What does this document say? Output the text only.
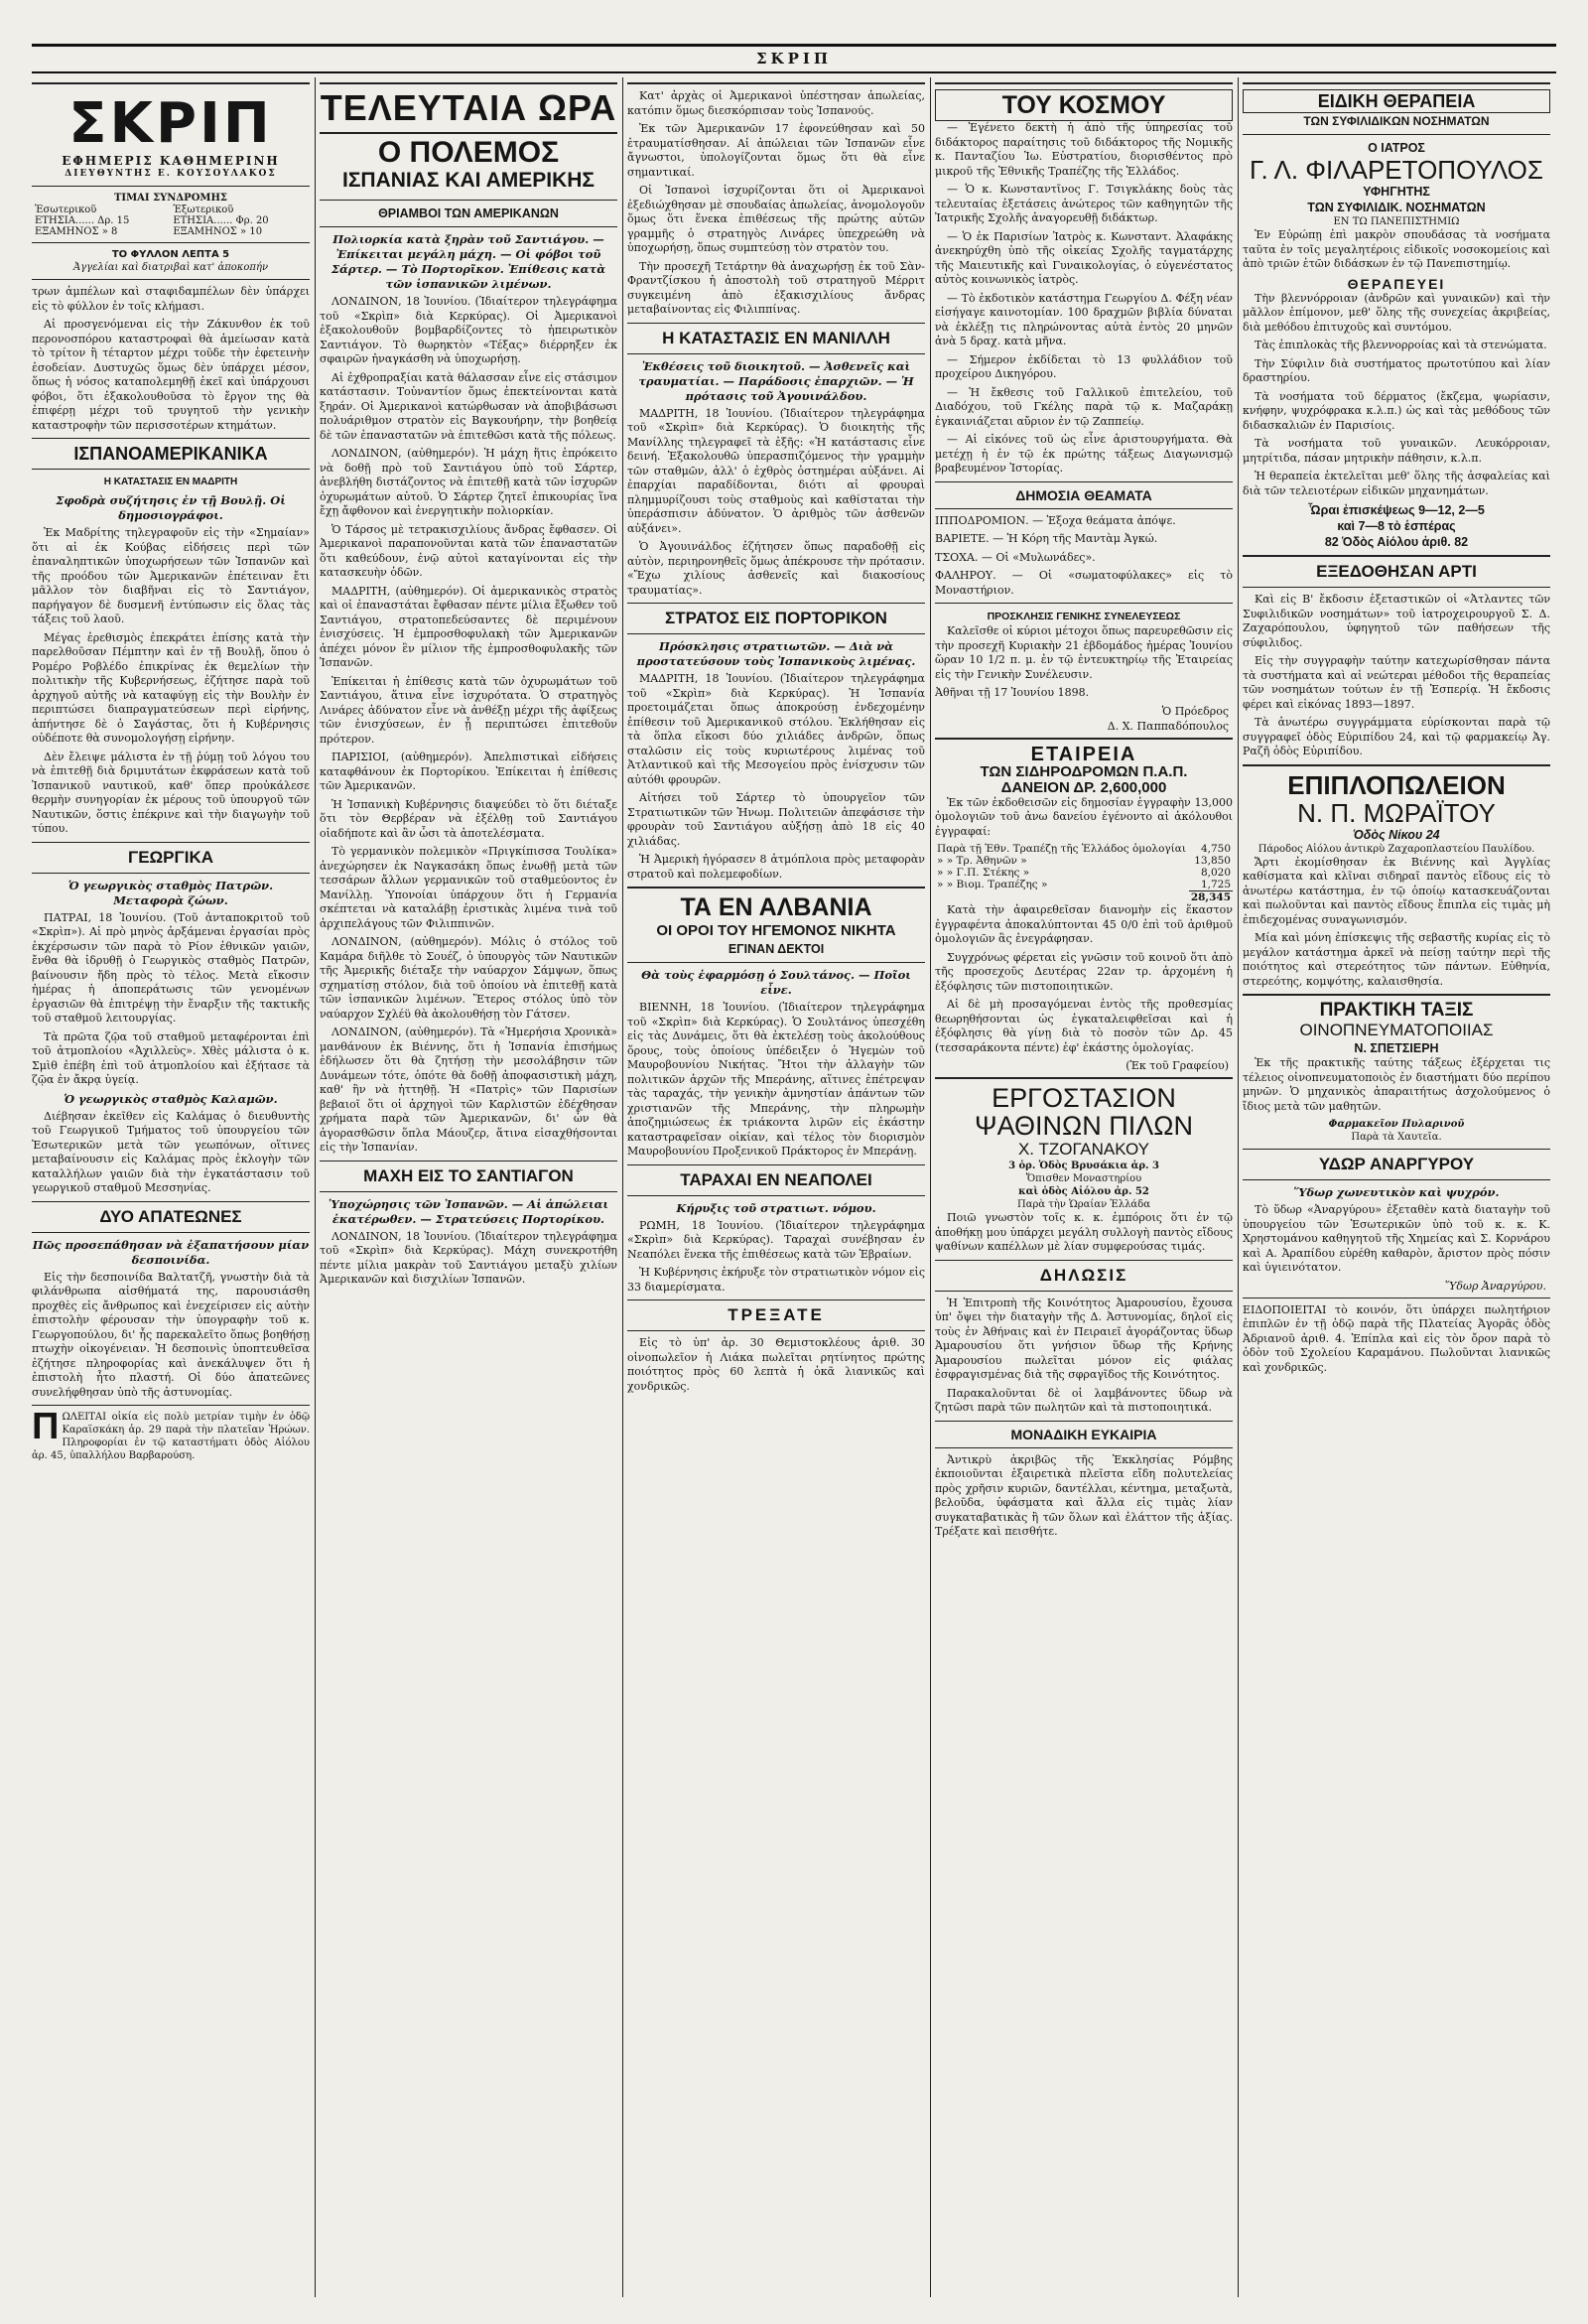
ΣΚΡΙΠ
ΣΚΡΙΠ
ΕΦΗΜΕΡΙΣ ΚΑΘΗΜΕΡΙΝΗ
ΔΙΕΥΘΥΝΤΗΣ Ε. ΚΟΥΣΟΥΛΑΚΟΣ
ΤΙΜΑΙ ΣΥΝΔΡΟΜΗΣ
Ἐσωτερικοῦ	Ἐξωτερικοῦ
ΕΤΗΣΙΑ...... Δρ. 15	ΕΤΗΣΙΑ...... Φρ. 20
ΕΞΑΜΗΝΟΣ » 8	ΕΞΑΜΗΝΟΣ » 10
ΤΟ ΦΥΛΛΟΝ ΛΕΠΤΑ 5
Ἀγγελίαι καὶ διατριβαὶ κατ' ἀποκοπήν

τρων ἀμπέλων καὶ σταφιδαμπέλων δὲν ὑπάρχει εἰς τὸ φύλλον ἐν τοῖς κλήμασι.

Αἱ προσγενόμεναι εἰς τὴν Ζάκυνθον ἐκ τοῦ περονοσπόρου καταστροφαὶ θὰ ἀμείωσαν κατὰ τὸ τρίτον ἢ τέταρτον μέχρι τοῦδε τὴν ἐφετεινὴν ἐσοδείαν. Δυστυχῶς ὅμως δὲν ὑπάρχει μέσον, ὅπως ἡ νόσος καταπολεμηθῇ ἐκεῖ καὶ ὑπάρχουσι φόβοι, ὅτι ἐξακολουθοῦσα τὸ ἔργον της θὰ ἐπιφέρῃ μέχρι τοῦ τρυγητοῦ τὴν γενικὴν καταστροφὴν τῶν περισσοτέρων κτημάτων.

ΙΣΠΑΝΟΑΜΕΡΙΚΑΝΙΚΑ
Η ΚΑΤΑΣΤΑΣΙΣ ΕΝ ΜΑΔΡΙΤΗ
Σφοδρὰ συζήτησις ἐν τῇ Βουλῇ. Οἱ δημοσιογράφοι.

Ἐκ Μαδρίτης τηλεγραφοῦν εἰς τὴν «Σημαίαν» ὅτι αἱ ἐκ Κούβας εἰδήσεις περὶ τῶν ἐπαναληπτικῶν ὑποχωρήσεων τῶν Ἰσπανῶν καὶ τῆς προόδου τῶν Ἀμερικανῶν ἐπέτειναν ἔτι μᾶλλον τὸν διαβῆναι εἰς τὸ Σαντιάγον, παρήγαγον δὲ δυσμενῆ ἐντύπωσιν εἰς ὅλας τὰς τάξεις τοῦ λαοῦ.

Μέγας ἐρεθισμὸς ἐπεκράτει ἐπίσης κατὰ τὴν παρελθοῦσαν Πέμπτην καὶ ἐν τῇ Βουλῇ, ὅπου ὁ Ρομέρο Ροβλέδο ἐπικρίνας ἐκ θεμελίων τὴν πολιτικὴν τῆς Κυβερνήσεως, ἐζήτησε παρὰ τοῦ ἀρχηγοῦ αὐτῆς νὰ καταφύγῃ εἰς τὴν Βουλὴν ἐν περιπτώσει διαπραγματεύσεων περὶ εἰρήνης, ἀπήντησε δὲ ὁ Σαγάστας, ὅτι ἡ Κυβέρνησις οὐδέποτε θὰ συνομολογήσῃ εἰρήνην.

Δὲν ἔλειψε μάλιστα ἐν τῇ ῥύμῃ τοῦ λόγου του νὰ ἐπιτεθῇ διὰ δριμυτάτων ἐκφράσεων κατὰ τοῦ Ἰσπανικοῦ ναυτικοῦ, καθ' ὅπερ προὐκάλεσε θερμὴν συνηγορίαν ἐκ μέρους τοῦ ὑπουργοῦ τῶν Ναυτικῶν, ὅστις ἐπέκρινε καὶ τὴν διαγωγὴν τοῦ τύπου.

ΓΕΩΡΓΙΚΑ
Ὁ γεωργικὸς σταθμὸς Πατρῶν. Μεταφορὰ ζώων.

ΠΑΤΡΑΙ, 18 Ἰουνίου. (Τοῦ ἀνταποκριτοῦ τοῦ «Σκρὶπ»). Αἱ πρὸ μηνὸς ἀρξάμεναι ἐργασίαι πρὸς ἐκχέρσωσιν τῶν παρὰ τὸ Ρίον ἐθνικῶν γαιῶν, ἔνθα θὰ ἱδρυθῇ ὁ Γεωργικὸς σταθμὸς Πατρῶν, βαίνουσιν ἤδη πρὸς τὸ τέλος. Μετὰ εἴκοσιν ἡμέρας ἡ ἀποπεράτωσις τῶν γενομένων ἐργασιῶν θὰ ἐπιτρέψῃ τὴν ἔναρξιν τῆς τακτικῆς τοῦ σταθμοῦ λειτουργίας.

Τὰ πρῶτα ζῷα τοῦ σταθμοῦ μεταφέρονται ἐπὶ τοῦ ἀτμοπλοίου «Ἀχιλλεὺς». Χθὲς μάλιστα ὁ κ. Σμὶθ ἐπέβη ἐπὶ τοῦ ἀτμοπλοίου καὶ ἐξήτασε τὰ ζῷα ἐν ἄκρᾳ ὑγείᾳ.

Ὁ γεωργικὸς σταθμὸς Καλαμῶν.

Διέβησαν ἐκεῖθεν εἰς Καλάμας ὁ διευθυντὴς τοῦ Γεωργικοῦ Τμήματος τοῦ ὑπουργείου τῶν Ἐσωτερικῶν μετὰ τῶν γεωπόνων, οἵτινες μεταβαίνουσιν εἰς Καλάμας πρὸς ἐκλογὴν τῶν καταλλήλων γαιῶν διὰ τὴν ἐγκατάστασιν τοῦ γεωργικοῦ σταθμοῦ Μεσσηνίας.

ΔΥΟ ΑΠΑΤΕΩΝΕΣ
Πῶς προσεπάθησαν νὰ ἐξαπατήσουν μίαν δεσποινίδα.

Εἰς τὴν δεσποινίδα Βαλτατζῆ, γνωστὴν διὰ τὰ φιλάνθρωπα αἰσθήματά της, παρουσιάσθη προχθὲς εἰς ἄνθρωπος καὶ ἐνεχείρισεν εἰς αὐτὴν ἐπιστολὴν φέρουσαν τὴν ὑπογραφὴν τοῦ κ. Γεωργοπούλου, δι' ἧς παρεκαλεῖτο ὅπως βοηθήσῃ πτωχὴν οἰκογένειαν. Ἡ δεσποινὶς ὑποπτευθεῖσα ἐζήτησε πληροφορίας καὶ ἀνεκάλυψεν ὅτι ἡ ἐπιστολὴ ἦτο πλαστή. Οἱ δύο ἀπατεῶνες συνελήφθησαν ὑπὸ τῆς ἀστυνομίας.

Π ΩΛΕΙΤΑΙ οἰκία εἰς πολὺ μετρίαν τιμὴν ἐν ὁδῷ Καραϊσκάκη ἀρ. 29 παρὰ τὴν πλατεῖαν Ἡρώων. Πληροφορίαι ἐν τῷ καταστήματι ὁδὸς Αἰόλου ἀρ. 45, ὑπαλλήλου Βαρβαρούση.

ΤΕΛΕΥΤΑΙΑ ΩΡΑ
Ο ΠΟΛΕΜΟΣ
ΙΣΠΑΝΙΑΣ ΚΑΙ ΑΜΕΡΙΚΗΣ
ΘΡΙΑΜΒΟΙ ΤΩΝ ΑΜΕΡΙΚΑΝΩΝ
Πολιορκία κατὰ ξηρὰν τοῦ Σαντιάγου. — Ἐπίκειται μεγάλη μάχη. — Οἱ φόβοι τοῦ Σάρτερ. — Τὸ Πορτορῖκον. Ἐπίθεσις κατὰ τῶν ἰσπανικῶν λιμένων.

ΛΟΝΔΙΝΟΝ, 18 Ἰουνίου. (Ἰδιαίτερον τηλεγράφημα τοῦ «Σκρὶπ» διὰ Κερκύρας). Οἱ Ἀμερικανοὶ ἐξακολουθοῦν βομβαρδίζοντες τὸ ἠπειρωτικὸν Σαντιάγον. Τὸ θωρηκτὸν «Τέξας» διέρρηξεν ἐκ σφαιρῶν ἠναγκάσθη νὰ ὑποχωρήσῃ.

Αἱ ἐχθροπραξίαι κατὰ θάλασσαν εἶνε εἰς στάσιμον κατάστασιν. Τοὐναντίον ὅμως ἐπεκτείνονται κατὰ ξηράν. Οἱ Ἀμερικανοὶ κατώρθωσαν νὰ ἀποβιβάσωσι πολυάριθμον στρατὸν εἰς Βαγκουήρην, τὴν βοηθείᾳ δὲ τῶν ἐπαναστατῶν νὰ ἐπιτεθῶσι κατὰ τῆς πόλεως.

ΛΟΝΔΙΝΟΝ, (αὐθημερόν). Ἡ μάχη ἥτις ἐπρόκειτο νὰ δοθῇ πρὸ τοῦ Σαντιάγου ὑπὸ τοῦ Σάρτερ, ἀνεβλήθη διστάζοντος νὰ ἐπιτεθῇ κατὰ τῶν ἰσχυρῶν ὀχυρωμάτων αὐτοῦ. Ὁ Σάρτερ ζητεῖ ἐπικουρίας ἵνα ἔχῃ ἄφθονον καὶ ἐνεργητικὴν πολιορκίαν.

Ὁ Τάρσος μὲ τετρακισχιλίους ἄνδρας ἔφθασεν. Οἱ Ἀμερικανοὶ παραπονοῦνται κατὰ τῶν ἐπαναστατῶν ὅτι καθεύδουν, ἐνῷ αὐτοὶ καταγίνονται εἰς τὴν κατασκευὴν ὁδῶν.

ΜΑΔΡΙΤΗ, (αὐθημερόν). Οἱ ἀμερικανικὸς στρατὸς καὶ οἱ ἐπαναστάται ἔφθασαν πέντε μίλια ἔξωθεν τοῦ Σαντιάγου, στρατοπεδεύσαντες δὲ περιμένουν ἐνισχύσεις. Ἡ ἐμπροσθοφυλακὴ τῶν Ἀμερικανῶν ἀπέχει μόνον ἓν μίλιον τῆς ἐμπροσθοφυλακῆς τῶν Ἰσπανῶν.

Ἐπίκειται ἡ ἐπίθεσις κατὰ τῶν ὀχυρωμάτων τοῦ Σαντιάγου, ἅτινα εἶνε ἰσχυρότατα. Ὁ στρατηγὸς Λινάρες ἀδύνατον εἶνε νὰ ἀνθέξῃ μέχρι τῆς ἀφίξεως τῶν ἐνισχύσεων, ἐν ᾗ περιπτώσει ἐπιτεθοῦν πρότερον.

ΠΑΡΙΣΙΟΙ, (αὐθημερόν). Ἀπελπιστικαὶ εἰδήσεις καταφθάνουν ἐκ Πορτορίκου. Ἐπίκειται ἡ ἐπίθεσις τῶν Ἀμερικανῶν.

Ἡ Ἰσπανικὴ Κυβέρνησις διαψεύδει τὸ ὅτι διέταξε ὅτι τὸν Θερβέραν νὰ ἐξέλθῃ τοῦ Σαντιάγου οἱαδήποτε καὶ ἂν ὦσι τὰ ἀποτελέσματα.

Τὸ γερμανικὸν πολεμικὸν «Πριγκίπισσα Τουλίκα» ἀνεχώρησεν ἐκ Ναγκασάκη ὅπως ἐνωθῇ μετὰ τῶν τεσσάρων ἄλλων γερμανικῶν τοῦ σταθμεύοντος ἐν Μανίλλῃ. Ὑπονοίαι ὑπάρχουν ὅτι ἡ Γερμανία σκέπτεται νὰ καταλάβῃ ἐριστικὰς λιμένα τινὰ τοῦ ἀρχιπελάγους τῶν Φιλιππινῶν.

ΛΟΝΔΙΝΟΝ, (αὐθημερόν). Μόλις ὁ στόλος τοῦ Καμάρα διῆλθε τὸ Σουέζ, ὁ ὑπουργὸς τῶν Ναυτικῶν τῆς Ἀμερικῆς διέταξε τὴν ναύαρχον Σάμψων, ὅπως σχηματίσῃ στόλον, διὰ τοῦ ὁποίου νὰ ἐπιτεθῇ κατὰ τῶν ἱσπανικῶν λιμένων. Ἕτερος στόλος ὑπὸ τὸν ναύαρχον Σχλέϋ θὰ ἀκολουθήσῃ τὸν Γάτσεν.

ΛΟΝΔΙΝΟΝ, (αὐθημερόν). Τὰ «Ἡμερήσια Χρονικὰ» μανθάνουν ἐκ Βιέννης, ὅτι ἡ Ἰσπανία ἐπισήμως ἐδήλωσεν ὅτι θὰ ζητήσῃ τὴν μεσολάβησιν τῶν Δυνάμεων τότε, ὁπότε θὰ δοθῇ ἀποφασιστικὴ μάχη, καθ' ἣν νὰ ἡττηθῇ. Ἡ «Πατρὶς» τῶν Παρισίων βεβαιοῖ ὅτι οἱ ἀρχηγοὶ τῶν Καρλιστῶν ἐδέχθησαν χρήματα παρὰ τῶν Ἀμερικανῶν, δι' ὧν θὰ ἀγορασθῶσιν ὅπλα Μάουζερ, ἅτινα εἰσαχθήσονται εἰς τὴν Ἰσπανίαν.

ΜΑΧΗ ΕΙΣ ΤΟ ΣΑΝΤΙΑΓΟΝ
Ὑποχώρησις τῶν Ἰσπανῶν. — Αἱ ἀπώλειαι ἑκατέρωθεν. — Στρατεύσεις Πορτορίκου.

ΛΟΝΔΙΝΟΝ, 18 Ἰουνίου. (Ἰδιαίτερον τηλεγράφημα τοῦ «Σκρὶπ» διὰ Κερκύρας). Μάχη συνεκροτήθη πέντε μίλια μακρὰν τοῦ Σαντιάγου μεταξὺ χιλίων Ἀμερικανῶν καὶ δισχιλίων Ἰσπανῶν.

Κατ' ἀρχὰς οἱ Ἀμερικανοὶ ὑπέστησαν ἀπωλείας, κατόπιν ὅμως διεσκόρπισαν τοὺς Ἰσπανούς.

Ἐκ τῶν Ἀμερικανῶν 17 ἐφονεύθησαν καὶ 50 ἐτραυματίσθησαν. Αἱ ἀπώλειαι τῶν Ἰσπανῶν εἶνε ἄγνωστοι, ὑπολογίζονται ὅμως ὅτι θὰ εἶνε σημαντικαί.

Οἱ Ἰσπανοὶ ἰσχυρίζονται ὅτι οἱ Ἀμερικανοὶ ἐξεδιώχθησαν μὲ σπουδαίας ἀπωλείας, ἀνομολογοῦν ὅμως ὅτι ἕνεκα ἐπιθέσεως τῆς πρώτης αὐτῶν γραμμῆς ὁ στρατηγὸς Λινάρες ὑπεχρεώθη νὰ ὑποχωρήσῃ, ὅπως συμπτεύσῃ τὸν στρατὸν του.

Τὴν προσεχῆ Τετάρτην θὰ ἀναχωρήσῃ ἐκ τοῦ Σὰν-Φραντζίσκου ἡ ἀποστολὴ τοῦ στρατηγοῦ Μέρριτ συγκειμένη ἀπὸ ἑξακισχιλίους ἄνδρας μεταβαίνοντας εἰς Φιλιππίνας.

Η ΚΑΤΑΣΤΑΣΙΣ ΕΝ ΜΑΝΙΛΛΗ
Ἐκθέσεις τοῦ διοικητοῦ. — Ἀσθενεῖς καὶ τραυματίαι. — Παράδοσις ἐπαρχιῶν. — Ἡ πρότασις τοῦ Ἀγουινάλδου.

ΜΑΔΡΙΤΗ, 18 Ἰουνίου. (Ἰδιαίτερον τηλεγράφημα τοῦ «Σκρὶπ» διὰ Κερκύρας). Ὁ διοικητὴς τῆς Μανίλλης τηλεγραφεῖ τὰ ἑξῆς: «Ἡ κατάστασις εἶνε δεινή. Ἐξακολουθῶ ὑπερασπιζόμενος τὴν γραμμὴν τῶν σταθμῶν, ἀλλ' ὁ ἐχθρὸς ὀστημέραι αὐξάνει. Αἱ ἐπαρχίαι παραδίδονται, διότι αἱ φρουραὶ πλημμυρίζουσι τοὺς σταθμοὺς καὶ καθίσταται τὴν ὑπεράσπισιν ἀδύνατον. Ὁ ἀριθμὸς τῶν ἀσθενῶν αὐξάνει».

Ὁ Ἀγουινάλδος ἐζήτησεν ὅπως παραδοθῇ εἰς αὐτὸν, περιηρονηθεῖς ὅμως ἀπέκρουσε τὴν πρότασιν. «Ἔχω χιλίους ἀσθενεῖς καὶ διακοσίους τραυματίας».

ΣΤΡΑΤΟΣ ΕΙΣ ΠΟΡΤΟΡΙΚΟΝ
Πρόσκλησις στρατιωτῶν. — Διὰ νὰ προστατεύσουν τοὺς Ἰσπανικοὺς λιμένας.

ΜΑΔΡΙΤΗ, 18 Ἰουνίου. (Ἰδιαίτερον τηλεγράφημα τοῦ «Σκρὶπ» διὰ Κερκύρας). Ἡ Ἰσπανία προετοιμάζεται ὅπως ἀποκρούσῃ ἐνδεχομένην ἐπίθεσιν τοῦ Ἀμερικανικοῦ στόλου. Ἐκλήθησαν εἰς τὰ ὅπλα εἴκοσι δύο χιλιάδες ἀνδρῶν, ὅπως σταλῶσιν εἰς τοὺς κυριωτέρους λιμένας τοῦ Ἀτλαντικοῦ καὶ τῆς Μεσογείου πρὸς ἐνίσχυσιν τῶν αὐτόθι φρουρῶν.

Αἰτήσει τοῦ Σάρτερ τὸ ὑπουργεῖον τῶν Στρατιωτικῶν τῶν Ἡνωμ. Πολιτειῶν ἀπεφάσισε τὴν φρουρὰν τοῦ Σαντιάγου αὐξήσῃ ἀπὸ 18 εἰς 40 χιλιάδας.

Ἡ Ἀμερικὴ ἠγόρασεν 8 ἀτμόπλοια πρὸς μεταφορὰν στρατοῦ καὶ πολεμεφοδίων.

ΤΑ ΕΝ ΑΛΒΑΝΙΑ
ΟΙ ΟΡΟΙ ΤΟΥ ΗΓΕΜΟΝΟΣ ΝΙΚΗΤΑ
ΕΓΙΝΑΝ ΔΕΚΤΟΙ
Θὰ τοὺς ἐφαρμόσῃ ὁ Σουλτάνος. — Ποῖοι εἶνε.

ΒΙΕΝΝΗ, 18 Ἰουνίου. (Ἰδιαίτερον τηλεγράφημα τοῦ «Σκρὶπ» διὰ Κερκύρας). Ὁ Σουλτάνος ὑπεσχέθη εἰς τὰς Δυνάμεις, ὅτι θὰ ἐκτελέσῃ τοὺς ἀκολούθους ὅρους, τοὺς ὁποίους ὑπέδειξεν ὁ Ἡγεμὼν τοῦ Μαυροβουνίου Νικήτας. Ἤτοι τὴν ἀλλαγὴν τῶν πολιτικῶν ἀρχῶν τῆς Μπεράνης, αἵτινες ἐπέτρεψαν τὰς ταραχάς, τὴν γενικὴν ἀμνηστίαν ἁπάντων τῶν χριστιανῶν τῆς Μπεράνης, τὴν πληρωμὴν ἀποζημιώσεως ἐκ τριάκοντα λιρῶν εἰς ἑκάστην καταστραφεῖσαν οἰκίαν, καὶ τέλος τὸν διορισμὸν Μαυροβουνίου Προξενικοῦ Πράκτορος ἐν Μπεράνῃ.

ΤΑΡΑΧΑΙ ΕΝ ΝΕΑΠΟΛΕΙ
Κήρυξις τοῦ στρατιωτ. νόμου.

ΡΩΜΗ, 18 Ἰουνίου. (Ἰδιαίτερον τηλεγράφημα «Σκρὶπ» διὰ Κερκύρας). Ταραχαὶ συνέβησαν ἐν Νεαπόλει ἕνεκα τῆς ἐπιθέσεως κατὰ τῶν Ἑβραίων.

Ἡ Κυβέρνησις ἐκήρυξε τὸν στρατιωτικὸν νόμον εἰς 33 διαμερίσματα.

ΤΡΕΞΑΤΕ

Εἰς τὸ ὑπ' ἀρ. 30 Θεμιστοκλέους ἀριθ. 30 οἰνοπωλεῖον ἡ Λιάκα πωλεῖται ρητίνητος πρώτης ποιότητος πρὸς 60 λεπτὰ ἡ ὀκᾶ λιανικῶς καὶ χονδρικῶς.

ΤΟΥ ΚΟΣΜΟΥ

— Ἐγένετο δεκτὴ ἡ ἀπὸ τῆς ὑπηρεσίας τοῦ διδάκτορος παραίτησις τοῦ διδάκτορος τῆς Νομικῆς κ. Πανταζίου Ἰω. Εὐστρατίου, διορισθέντος πρὸ μικροῦ τῆς Ἐθνικῆς Τραπέζης τῆς Ἑλλάδος.

— Ὁ κ. Κωνσταντῖνος Γ. Τσιγκλάκης δοὺς τὰς τελευταίας ἐξετάσεις ἀνώτερος τῶν καθηγητῶν τῆς Ἰατρικῆς Σχολῆς ἀναγορευθῇ διδάκτωρ.

— Ὁ ἐκ Παρισίων Ἰατρὸς κ. Κωνσταντ. Ἀλαφάκης ἀνεκηρύχθη ὑπὸ τῆς οἰκείας Σχολῆς ταγματάρχης τῆς Μαιευτικῆς καὶ Γυναικολογίας, ὁ εὐγενέστατος αὐτὸς κοινωνικὸς ἰατρὸς.

— Τὸ ἐκδοτικὸν κατάστημα Γεωργίου Δ. Φέξη νέαν εἰσήγαγε καινοτομίαν. 100 δραχμῶν βιβλία δύναται νὰ ἐκλέξῃ τις πληρώνοντας αὐτὰ ἐντὸς 20 μηνῶν ἀνὰ 5 δραχ. κατὰ μῆνα.

— Σήμερον ἐκδίδεται τὸ 13 φυλλάδιον τοῦ προχείρου Δικηγόρου.

— Ἡ ἔκθεσις τοῦ Γαλλικοῦ ἐπιτελείου, τοῦ Διαδόχου, τοῦ Γκέλης παρὰ τῷ κ. Μαζαράκῃ ἐγκαινιάζεται αὔριον ἐν τῷ Ζαππείῳ.

— Αἱ εἰκόνες τοῦ ὡς εἶνε ἀριστουργήματα. Θὰ μετέχῃ ἡ ἐν τῷ ἐκ πρώτης τάξεως Διαγωνισμῷ βραβευμένον Ἰστορίας.

ΔΗΜΟΣΙΑ ΘΕΑΜΑΤΑ

ΙΠΠΟΔΡΟΜΙΟΝ. — Ἐξοχα θεάματα ἀπόψε.

ΒΑΡΙΕΤΕ. — Ἡ Κόρη τῆς Μαντὰμ Ἀγκώ.

ΤΣΟΧΑ. — Οἱ «Μυλωνάδες».

ΦΑΛΗΡΟΥ. — Οἱ «σωματοφύλακες» εἰς τὸ Μοναστήριον.

ΠΡΟΣΚΛΗΣΙΣ ΓΕΝΙΚΗΣ ΣΥΝΕΛΕΥΣΕΩΣ

Καλεῖσθε οἱ κύριοι μέτοχοι ὅπως παρευρεθῶσιν εἰς τὴν προσεχῆ Κυριακὴν 21 ἐβδομάδος ἡμέρας Ἰουνίου ὥραν 10 1/2 π. μ. ἐν τῷ ἐντευκτηρίῳ τῆς Ἑταιρείας εἰς τὴν Γενικὴν Συνέλευσιν.

Ἀθῆναι τῇ 17 Ἰουνίου 1898.

Ὁ Πρόεδρος
Δ. Χ. Παππαδόπουλος
ΕΤΑΙΡΕΙΑ
ΤΩΝ ΣΙΔΗΡΟΔΡΟΜΩΝ Π.Α.Π.
ΔΑΝΕΙΟΝ ΔΡ. 2,600,000

Ἐκ τῶν ἐκδοθεισῶν εἰς δημοσίαν ἐγγραφὴν 13,000 ὁμολογιῶν τοῦ ἀνω δανείου ἐγένοντο αἱ ἀκόλουθοι ἐγγραφαί:

Παρὰ τῇ Ἐθν. Τραπέζῃ τῆς Ἑλλάδος ὁμολογίαι	4,750
» » Τρ. Ἀθηνῶν »	13,850
» » Γ.Π. Στέκης »	8,020
» » Βιομ. Τραπέζης »	1,725
	28,345

Κατὰ τὴν ἀφαιρεθεῖσαν διανομὴν εἰς ἕκαστον ἐγγραφέντα ἀποκαλύπτονται 45 0/0 ἐπὶ τοῦ ἀριθμοῦ ὁμολογιῶν ἃς ἐνεγράφησαν.

Συγχρόνως φέρεται εἰς γνῶσιν τοῦ κοινοῦ ὅτι ἀπὸ τῆς προσεχοῦς Δευτέρας 22αν τρ. ἀρχομένη ἡ ἐξόφλησις τῶν πιστοποιητικῶν.

Αἱ δὲ μὴ προσαγόμεναι ἐντὸς τῆς προθεσμίας θεωρηθήσονται ὡς ἐγκαταλειφθεῖσαι καὶ ἡ ἐξόφλησις θὰ γίνῃ διὰ τὸ ποσὸν τῶν Δρ. 45 (τεσσαράκοντα πέντε) ἐφ' ἑκάστης ὁμολογίας.

(Ἐκ τοῦ Γραφείου)
ΕΡΓΟΣΤΑΣΙΟΝ
ΨΑΘΙΝΩΝ ΠΙΛΩΝ
Χ. ΤΖΟΓΑΝΑΚΟΥ
3 ὁρ. Ὁδὸς Βρυσάκια ἀρ. 3
Ὄπισθεν Μοναστηρίου
καὶ ὁδὸς Αἰόλου ἀρ. 52
Παρὰ τὴν Ὡραίαν Ἑλλάδα

Ποιῶ γνωστὸν τοῖς κ. κ. ἐμπόροις ὅτι ἐν τῷ ἀποθήκῃ μου ὑπάρχει μεγάλη συλλογὴ παντὸς εἴδους ψαθίνων καπέλλων μὲ λίαν συμφερούσας τιμάς.

ΔΗΛΩΣΙΣ

Ἡ Ἐπιτροπὴ τῆς Κοινότητος Ἀμαρουσίου, ἔχουσα ὑπ' ὄψει τὴν διαταγὴν τῆς Δ. Ἀστυνομίας, δηλοῖ εἰς τοὺς ἐν Ἀθήναις καὶ ἐν Πειραιεῖ ἀγοράζοντας ὕδωρ Ἀμαρουσίου ὅτι γνήσιον ὕδωρ τῆς Κρήνης Ἀμαρουσίου πωλεῖται μόνον εἰς φιάλας ἐσφραγισμένας διὰ τῆς σφραγῖδος τῆς Κοινότητος.

Παρακαλοῦνται δὲ οἱ λαμβάνοντες ὕδωρ νὰ ζητῶσι παρὰ τῶν πωλητῶν καὶ τὰ πιστοποιητικά.

ΜΟΝΑΔΙΚΗ ΕΥΚΑΙΡΙΑ

Ἀντικρὺ ἀκριβῶς τῆς Ἐκκλησίας Ρόμβης ἐκποιοῦνται ἐξαιρετικὰ πλεῖστα εἴδη πολυτελείας πρὸς χρῆσιν κυριῶν, δαντέλλαι, κέντημα, μεταξωτὰ, βελοῦδα, ὑφάσματα καὶ ἄλλα εἰς τιμὰς λίαν συγκαταβατικὰς ἢ τῶν ὅλων καὶ ἐλάττον τῆς ἀξίας. Τρέξατε καὶ πεισθήτε.

ΕΙΔΙΚΗ ΘΕΡΑΠΕΙΑ
ΤΩΝ ΣΥΦΙΛΙΔΙΚΩΝ ΝΟΣΗΜΑΤΩΝ
Ο ΙΑΤΡΟΣ
Γ. Λ. ΦΙΛΑΡΕΤΟΠΟΥΛΟΣ
ΥΦΗΓΗΤΗΣ
ΤΩΝ ΣΥΦΙΛΙΔΙΚ. ΝΟΣΗΜΑΤΩΝ
ΕΝ ΤΩ ΠΑΝΕΠΙΣΤΗΜΙΩ

Ἐν Εὐρώπῃ ἐπὶ μακρὸν σπουδάσας τὰ νοσήματα ταῦτα ἐν τοῖς μεγαλητέροις εἰδικοῖς νοσοκομείοις καὶ ἀπὸ τριῶν ἐτῶν διδάσκων ἐν τῷ Πανεπιστημίῳ.

ΘΕΡΑΠΕΥΕΙ

Τὴν βλεννόρροιαν (ἀνδρῶν καὶ γυναικῶν) καὶ τὴν μᾶλλον ἐπίμονον, μεθ' ὅλης τῆς συνεχείας ἀκριβείας, διὰ μεθόδου ἐπιτυχοῦς καὶ συντόμου.

Τὰς ἐπιπλοκὰς τῆς βλεννορροίας καὶ τὰ στενώματα.

Τὴν Σύφιλιν διὰ συστήματος πρωτοτύπου καὶ λίαν δραστηρίου.

Τὰ νοσήματα τοῦ δέρματος (ἔκζεμα, ψωρίασιν, κνήφην, ψυχρόφρακα κ.λ.π.) ὡς καὶ τὰς μεθόδους τῶν διδασκαλιῶν ἐν Παρισίοις.

Τὰ νοσήματα τοῦ γυναικῶν. Λευκόρροιαν, μητρίτιδα, πάσαν μητρικὴν πάθησιν, κ.λ.π.

Ἡ θεραπεία ἐκτελεῖται μεθ' ὅλης τῆς ἀσφαλείας καὶ διὰ τῶν τελειοτέρων εἰδικῶν μηχανημάτων.

Ὧραι ἐπισκέψεως 9—12, 2—5
καὶ 7—8 τὸ ἑσπέρας
82 Ὁδὸς Αἰόλου ἀριθ. 82
ΕΞΕΔΟΘΗΣΑΝ ΑΡΤΙ

Καὶ εἰς Β' ἔκδοσιν ἐξεταστικῶν οἱ «Ἀτλαντες τῶν Συφιλιδικῶν νοσημάτων» τοῦ ἰατροχειρουργοῦ Σ. Δ. Ζαχαρόπουλου, ὑφηγητοῦ τῶν παθήσεων τῆς σύφιλιδος.

Εἰς τὴν συγγραφὴν ταύτην κατεχωρίσθησαν πάντα τὰ συστήματα καὶ αἱ νεώτεραι μέθοδοι τῆς θεραπείας τῶν νοσημάτων τούτων ἐν τῇ Ἑσπερίᾳ. Ἡ ἔκδοσις φέρει καὶ εἰκόνας 1893—1897.

Τὰ ἀνωτέρω συγγράμματα εὑρίσκονται παρὰ τῷ συγγραφεῖ ὁδὸς Εὐριπίδου 24, καὶ τῷ φαρμακείῳ Ἀγ. Ραζῆ ὁδὸς Εὐριπίδου.

ΕΠΙΠΛΟΠΩΛΕΙΟΝ
Ν. Π. ΜΩΡΑΪΤΟΥ
Ὁδὸς Νίκου 24
Πάροδος Αἰόλου ἀντικρὺ Ζαχαροπλαστείου Παυλίδου.

Ἄρτι ἐκομίσθησαν ἐκ Βιέννης καὶ Ἀγγλίας καθίσματα καὶ κλῖναι σιδηραῖ παντὸς εἴδους εἰς τὸ ἀνωτέρω κατάστημα, ἐν τῷ ὁποίῳ κατασκευάζονται καὶ πωλοῦνται καὶ παντὸς εἴδους ἔπιπλα εἰς τιμὰς μὴ ἐπιδεχομένας συναγωνισμόν.

Μία καὶ μόνη ἐπίσκεψις τῆς σεβαστῆς κυρίας εἰς τὸ μεγάλον κατάστημα ἀρκεῖ νὰ πείσῃ ταύτην περὶ τῆς ποιότητος καὶ στερεότητος τῶν πάντων. Εὐθηνία, στερεότης, κομψότης, καλαισθησία.

ΠΡΑΚΤΙΚΗ ΤΑΞΙΣ
ΟΙΝΟΠΝΕΥΜΑΤΟΠΟΙΙΑΣ
Ν. ΣΠΕΤΣΙΕΡΗ

Ἐκ τῆς πρακτικῆς ταύτης τάξεως ἐξέρχεται τις τέλειος οἰνοπνευματοποιὸς ἐν διαστήματι δύο περίπου μηνῶν. Ὁ μηχανικὸς ἀπαραιτήτως ἀσχολούμενος ὁ ἴδιος μετὰ τῶν μαθητῶν.

Φαρμακεῖον Πυλαρινοῦ
Παρὰ τὰ Χαυτεῖα.
ΥΔΩΡ ΑΝΑΡΓΥΡΟΥ
Ὕδωρ χωνευτικὸν καὶ ψυχρόν.

Τὸ ὕδωρ «Ἀναργύρου» ἐξεταθὲν κατὰ διαταγὴν τοῦ ὑπουργείου τῶν Ἐσωτερικῶν ὑπὸ τοῦ κ. κ. Κ. Χρηστομάνου καθηγητοῦ τῆς Χημείας καὶ Σ. Κορνάρου καὶ Α. Ἀραπίδου εὑρέθη καθαρὸν, ἄριστον πρὸς πόσιν καὶ ὑγιεινότατον.

Ὕδωρ Ἀναργύρου.

ΕΙΔΟΠΟΙΕΙΤΑΙ τὸ κοινόν, ὅτι ὑπάρχει πωλητήριον ἐπιπλῶν ἐν τῇ ὁδῷ παρὰ τῆς Πλατείας Ἀγορᾶς ὁδὸς Ἀδριανοῦ ἀριθ. 4. Ἐπίπλα καὶ εἰς τὸν ὄρον παρὰ τὸ ὁδὸν τοῦ Σχολείου Καραμάνου. Πωλοῦνται λιανικῶς καὶ χονδρικῶς.
